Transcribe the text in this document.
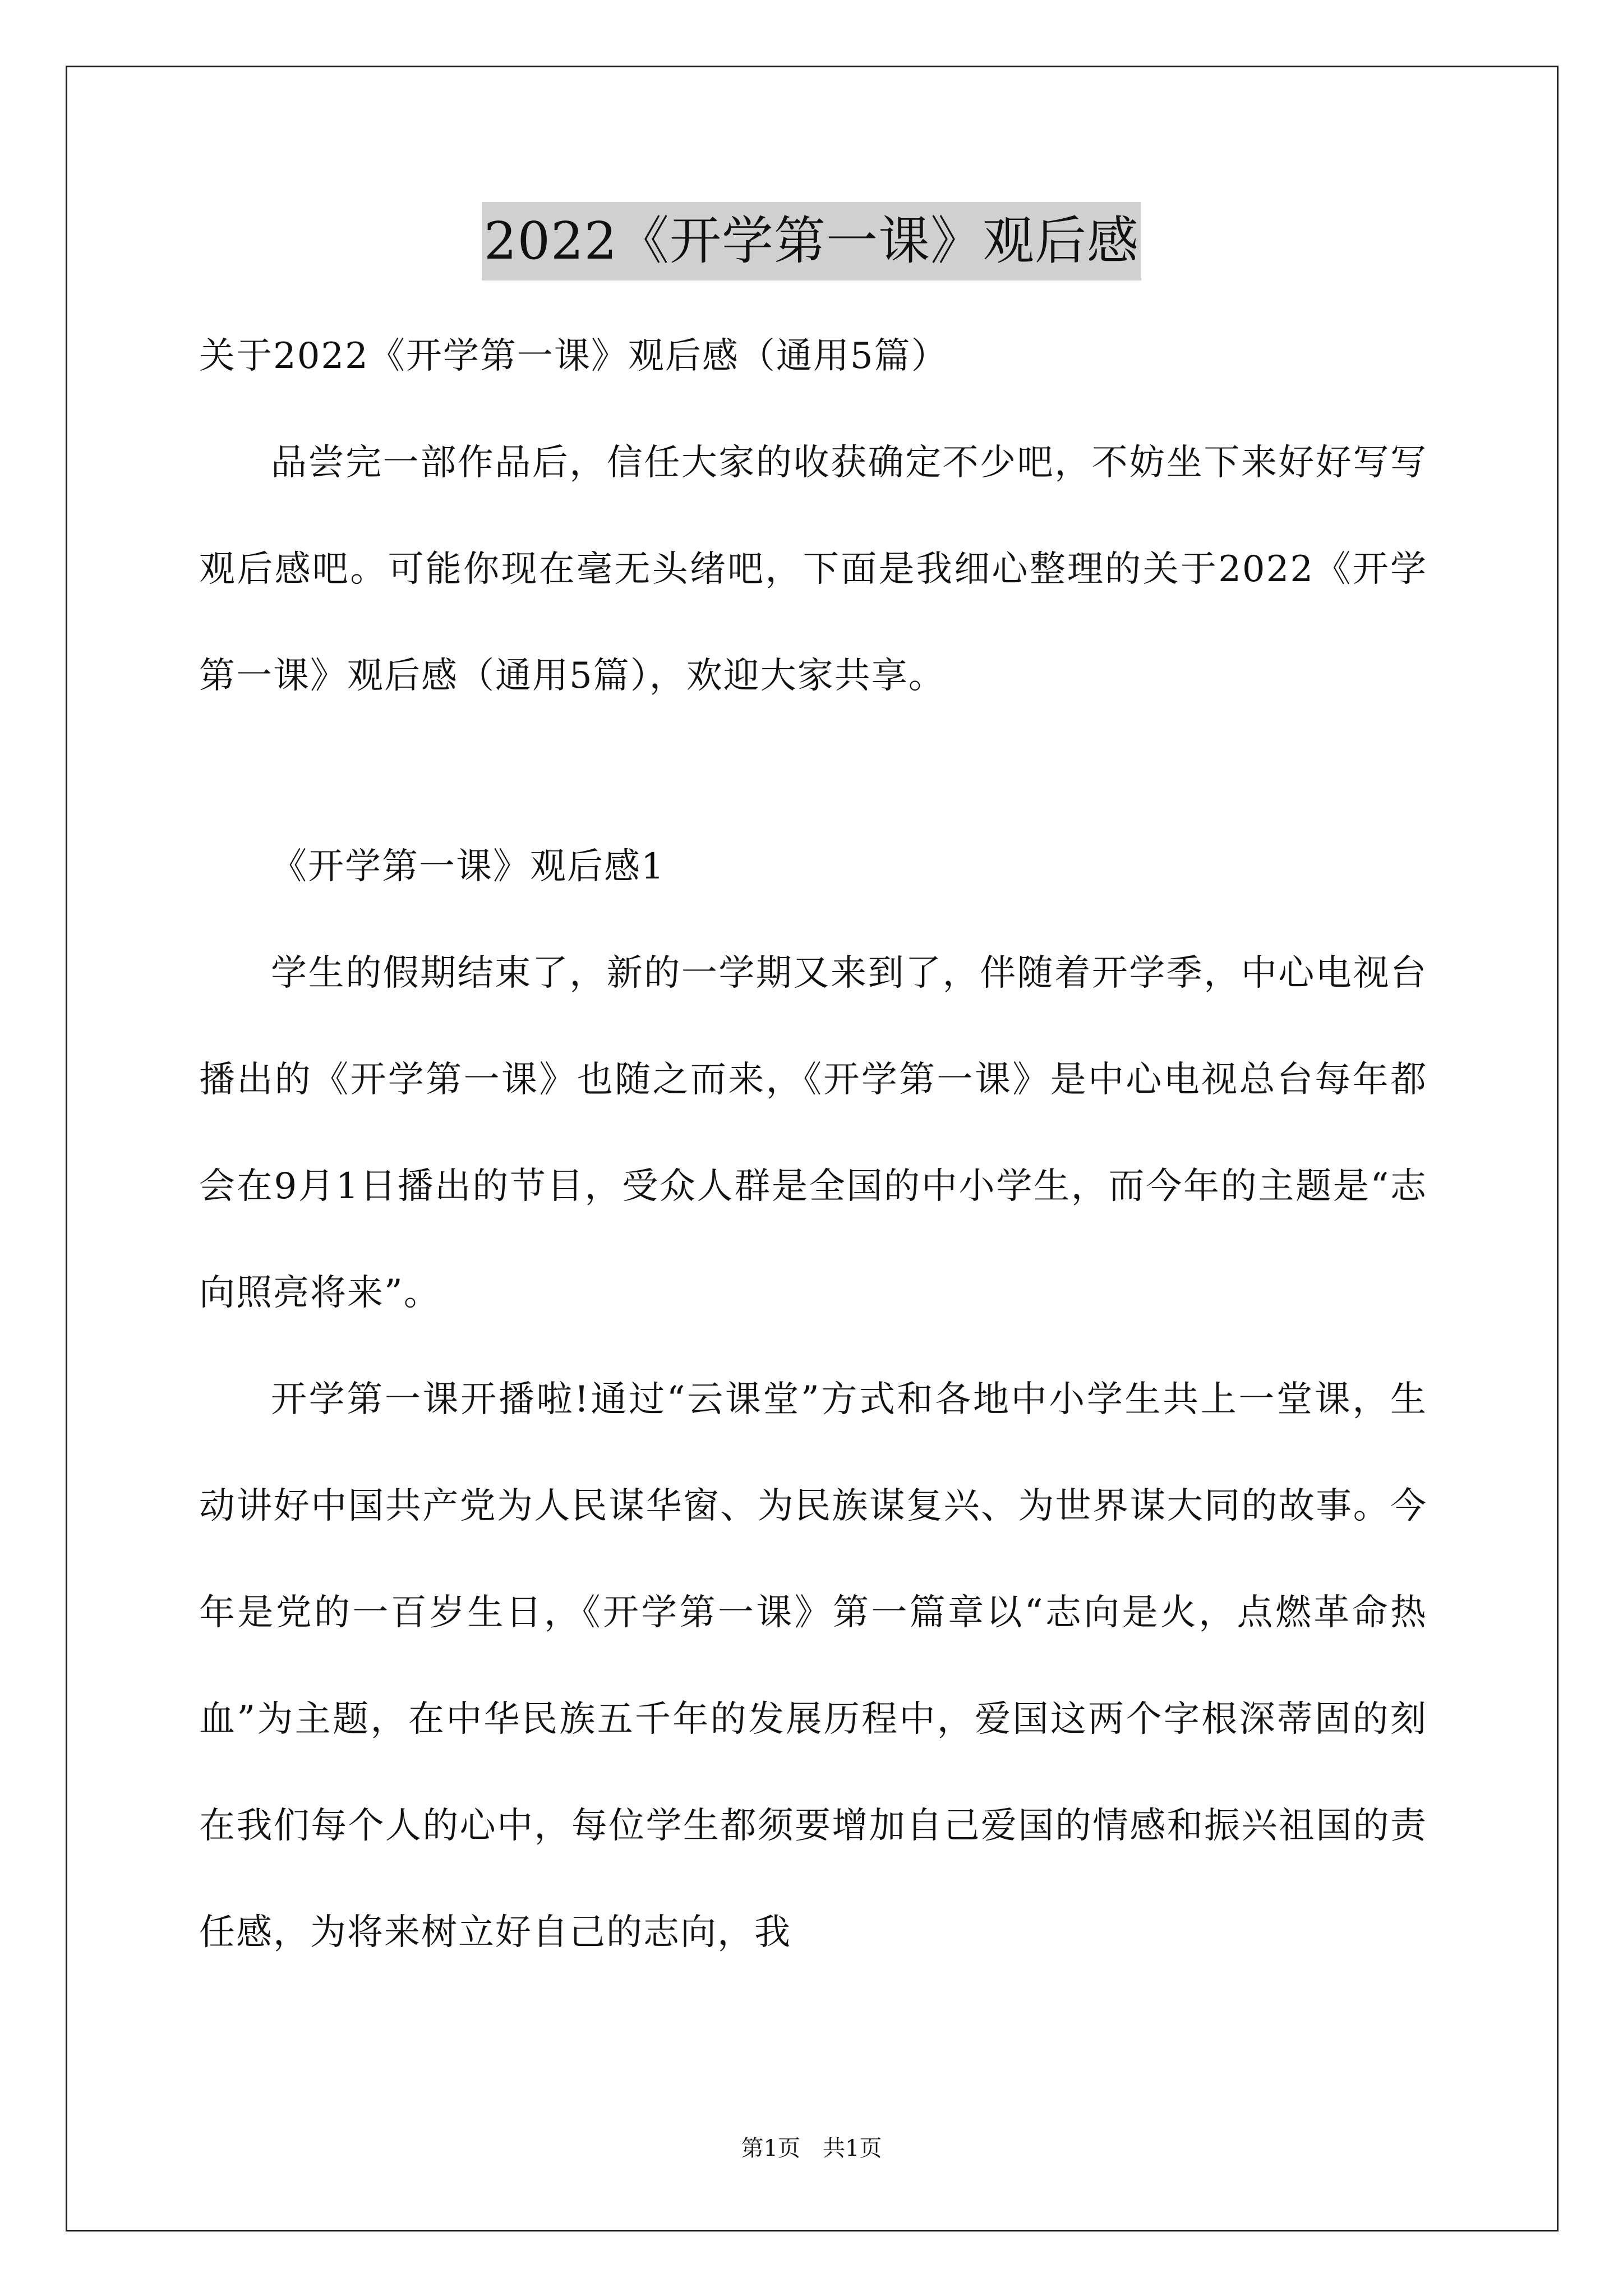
2022《开学第一课》观后感

关于2022《开学第一课》观后感（通用5篇）

品尝完一部作品后，信任大家的收获确定不少吧，不妨坐下来好好写写观后感吧。可能你现在毫无头绪吧，下面是我细心整理的关于2022《开学第一课》观后感（通用5篇），欢迎大家共享。

《开学第一课》观后感1

学生的假期结束了，新的一学期又来到了，伴随着开学季，中心电视台播出的《开学第一课》也随之而来，《开学第一课》是中心电视总台每年都会在9月1日播出的节目，受众人群是全国的中小学生，而今年的主题是“志向照亮将来”。

开学第一课开播啦!通过“云课堂”方式和各地中小学生共上一堂课，生动讲好中国共产党为人民谋华窗、为民族谋复兴、为世界谋大同的故事。今年是党的一百岁生日，《开学第一课》第一篇章以“志向是火，点燃革命热血”为主题，在中华民族五千年的发展历程中，爱国这两个字根深蒂固的刻在我们每个人的心中，每位学生都须要增加自己爱国的情感和振兴祖国的责任感，为将来树立好自己的志向，我

第1页　共1页
